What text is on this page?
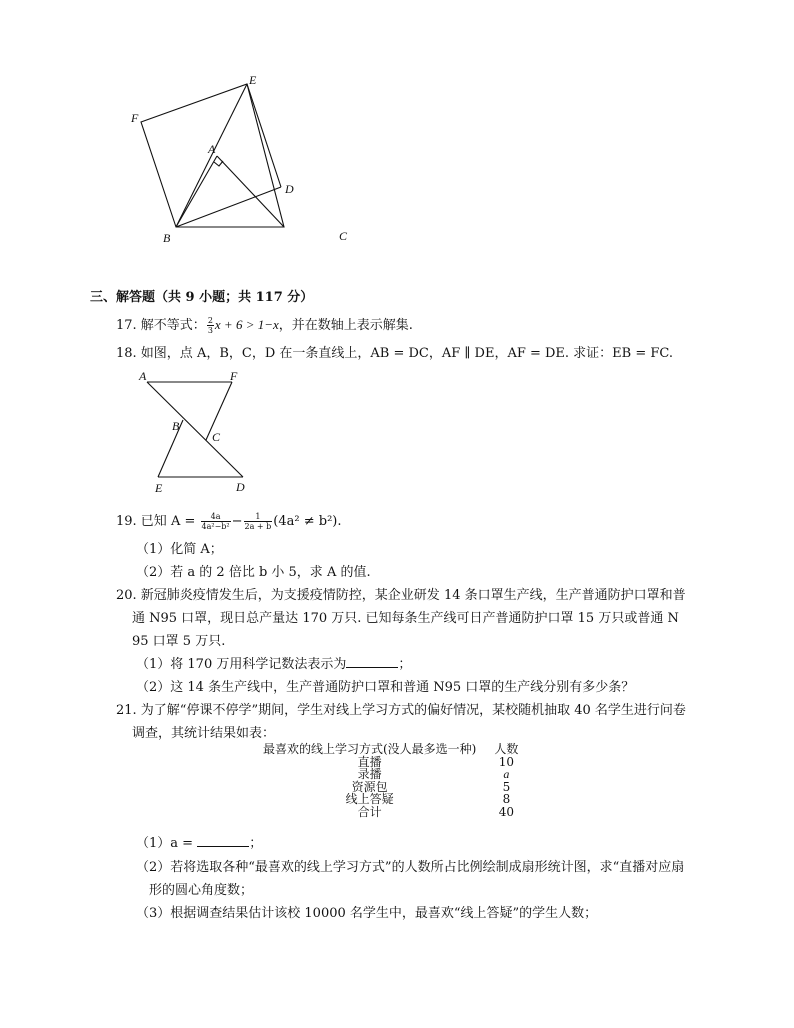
E
F
A
D
B	C
三、解答题（共 9 小题；共 117 分）
17. 解不等式： $\frac{2}{3}$ x + 6 > 1−x，并在数轴上表示解集.
18. 如图，点 A，B，C，D 在一条直线上，AB = DC，AF ∥ DE，AF = DE. 求证：EB = FC.
A	F
B
C
E	D
19. 已知 $A = \frac{4a}{\text{4a²−b²}} - \frac{1}{2a + b} (4a^2 \ne b^2)$.
（1）化简 A；
（2）若 a 的 2 倍比 b 小 5，求 A 的值.
20. 新冠肺炎疫情发生后，为支援疫情防控，某企业研发 14 条口罩生产线，生产普通防护口罩和普
通 N95 口罩，现日总产量达 170 万只. 已知每条生产线可日产普通防护口罩 15 万只或普通 N
95 口罩 5 万只.
（1）将 170 万用科学记数法表示为	；
（2）这 14 条生产线中，生产普通防护口罩和普通 N95 口罩的生产线分别有多少条？
21. 为了解“停课不停学”期间，学生对线上学习方式的偏好情况，某校随机抽取 40 名学生进行问卷
调查，其统计结果如表：
最喜欢的线上学习方式(没人最多选一种)	人数
直播	10
录播	a
资源包	5
线上答疑	8
合计	40
（1）a =	；
（2）若将选取各种“最喜欢的线上学习方式”的人数所占比例绘制成扇形统计图，求“直播对应扇
形的圆心角度数；
（3）根据调查结果估计该校 10000 名学生中，最喜欢“线上答疑”的学生人数；
